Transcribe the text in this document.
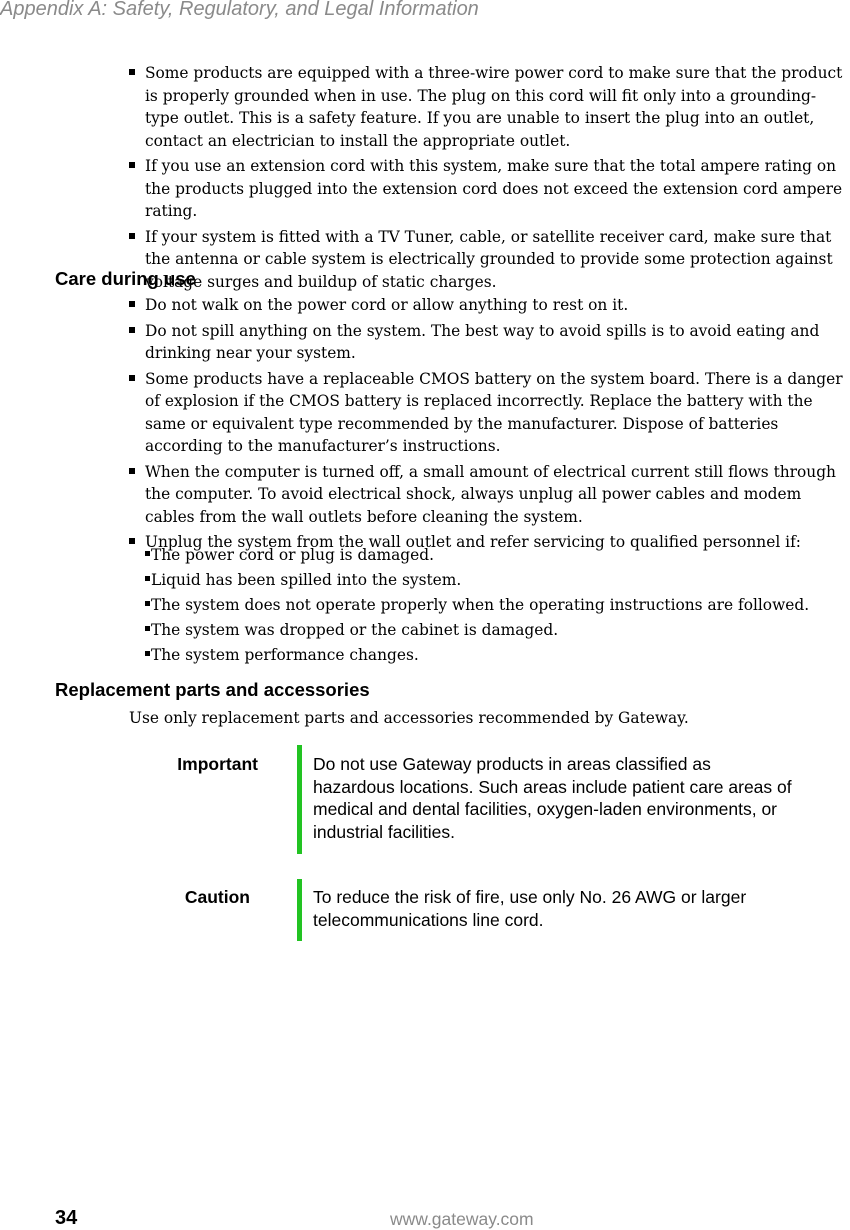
Appendix A: Safety, Regulatory, and Legal Information
Some products are equipped with a three-wire power cord to make sure that the product is properly grounded when in use. The plug on this cord will fit only into a grounding-type outlet. This is a safety feature. If you are unable to insert the plug into an outlet, contact an electrician to install the appropriate outlet.
If you use an extension cord with this system, make sure that the total ampere rating on the products plugged into the extension cord does not exceed the extension cord ampere rating.
If your system is fitted with a TV Tuner, cable, or satellite receiver card, make sure that the antenna or cable system is electrically grounded to provide some protection against voltage surges and buildup of static charges.
Care during use
Do not walk on the power cord or allow anything to rest on it.
Do not spill anything on the system. The best way to avoid spills is to avoid eating and drinking near your system.
Some products have a replaceable CMOS battery on the system board. There is a danger of explosion if the CMOS battery is replaced incorrectly. Replace the battery with the same or equivalent type recommended by the manufacturer. Dispose of batteries according to the manufacturer’s instructions.
When the computer is turned off, a small amount of electrical current still flows through the computer. To avoid electrical shock, always unplug all power cables and modem cables from the wall outlets before cleaning the system.
Unplug the system from the wall outlet and refer servicing to qualified personnel if:
The power cord or plug is damaged.
Liquid has been spilled into the system.
The system does not operate properly when the operating instructions are followed.
The system was dropped or the cabinet is damaged.
The system performance changes.
Replacement parts and accessories
Use only replacement parts and accessories recommended by Gateway.
Important	Do not use Gateway products in areas classified as hazardous locations. Such areas include patient care areas of medical and dental facilities, oxygen-laden environments, or industrial facilities.
Caution	To reduce the risk of fire, use only No. 26 AWG or larger telecommunications line cord.
34	www.gateway.com
